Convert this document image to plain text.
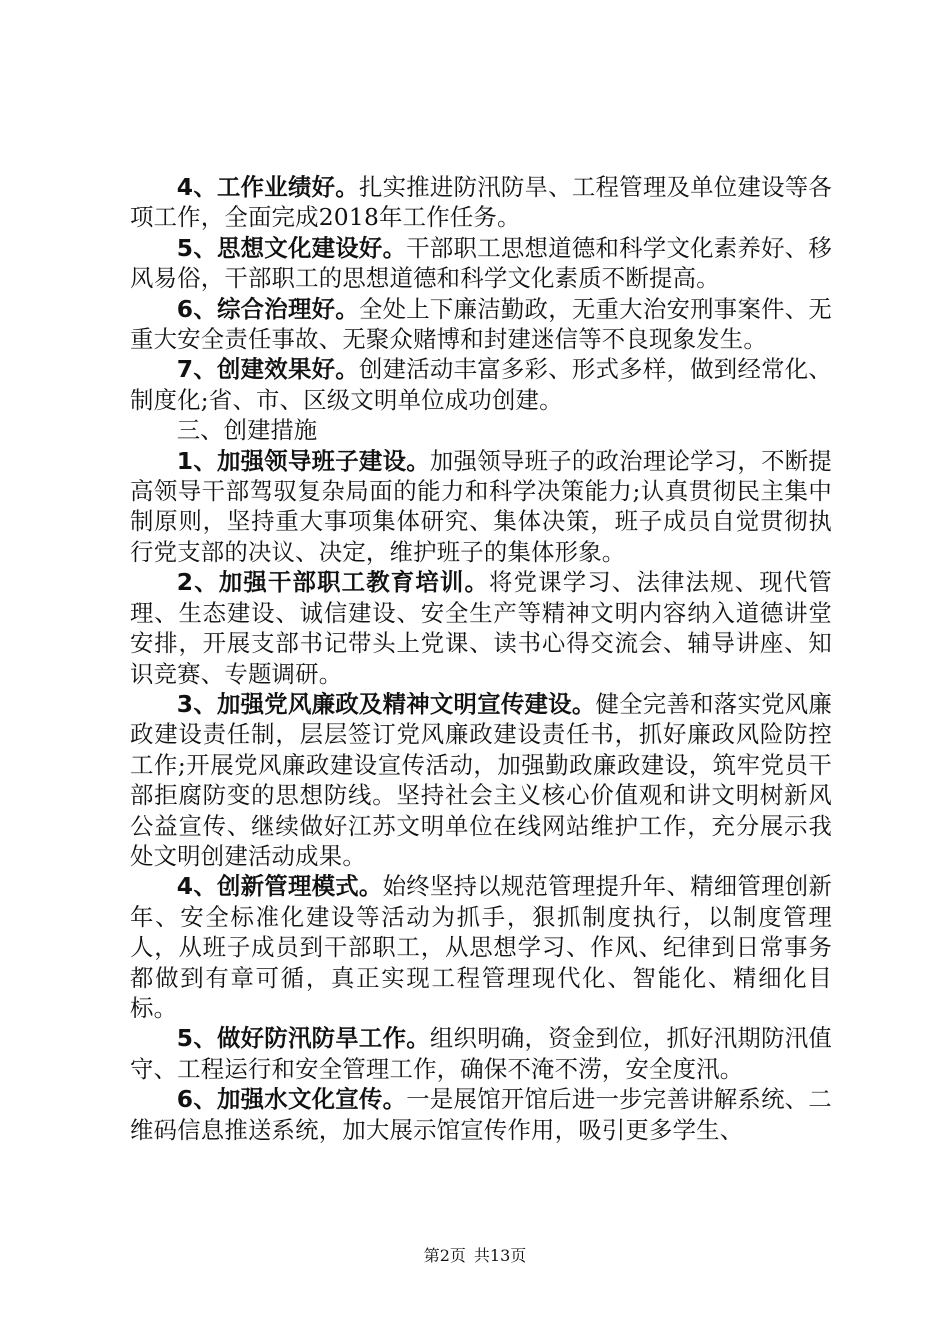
4、工作业绩好。扎实推进防汛防旱、工程管理及单位建设等各项工作，全面完成2018年工作任务。

5、思想文化建设好。干部职工思想道德和科学文化素养好、移风易俗，干部职工的思想道德和科学文化素质不断提高。

6、综合治理好。全处上下廉洁勤政，无重大治安刑事案件、无重大安全责任事故、无聚众赌博和封建迷信等不良现象发生。

7、创建效果好。创建活动丰富多彩、形式多样，做到经常化、制度化;省、市、区级文明单位成功创建。

三、创建措施

1、加强领导班子建设。加强领导班子的政治理论学习，不断提高领导干部驾驭复杂局面的能力和科学决策能力;认真贯彻民主集中制原则，坚持重大事项集体研究、集体决策，班子成员自觉贯彻执行党支部的决议、决定，维护班子的集体形象。

2、加强干部职工教育培训。将党课学习、法律法规、现代管理、生态建设、诚信建设、安全生产等精神文明内容纳入道德讲堂安排，开展支部书记带头上党课、读书心得交流会、辅导讲座、知识竞赛、专题调研。

3、加强党风廉政及精神文明宣传建设。健全完善和落实党风廉政建设责任制，层层签订党风廉政建设责任书，抓好廉政风险防控工作;开展党风廉政建设宣传活动，加强勤政廉政建设，筑牢党员干部拒腐防变的思想防线。坚持社会主义核心价值观和讲文明树新风公益宣传、继续做好江苏文明单位在线网站维护工作，充分展示我处文明创建活动成果。

4、创新管理模式。始终坚持以规范管理提升年、精细管理创新年、安全标准化建设等活动为抓手，狠抓制度执行，以制度管理人，从班子成员到干部职工，从思想学习、作风、纪律到日常事务都做到有章可循，真正实现工程管理现代化、智能化、精细化目标。

5、做好防汛防旱工作。组织明确，资金到位，抓好汛期防汛值守、工程运行和安全管理工作，确保不淹不涝，安全度汛。

6、加强水文化宣传。一是展馆开馆后进一步完善讲解系统、二维码信息推送系统，加大展示馆宣传作用，吸引更多学生、

第2页 共13页
